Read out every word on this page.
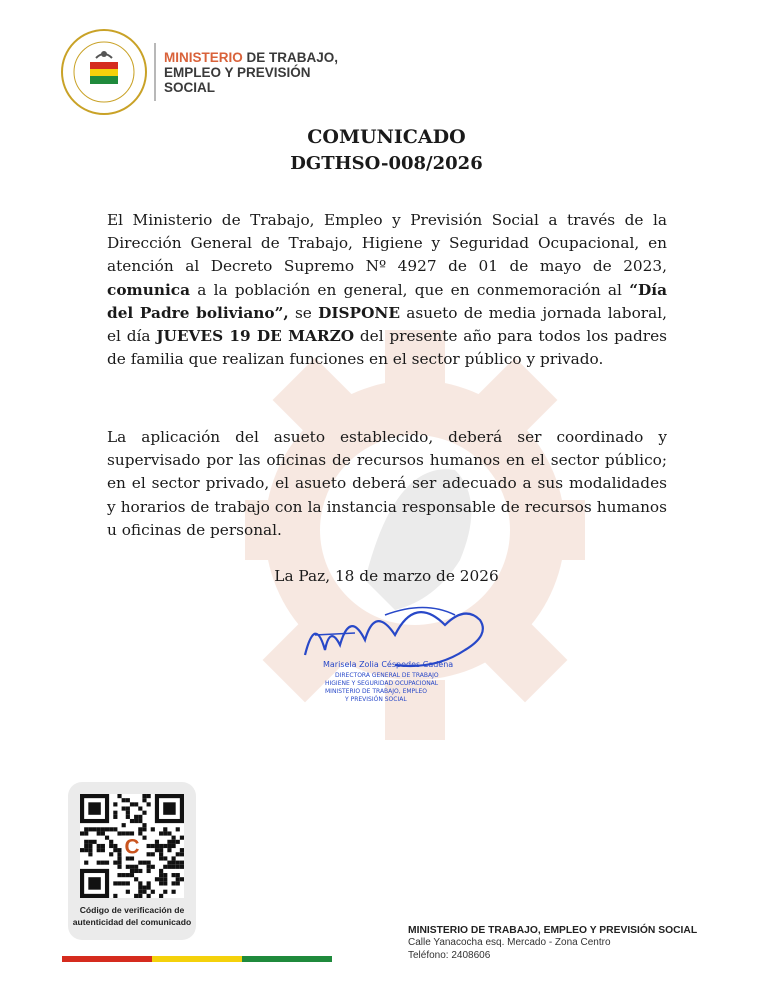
MINISTERIO DE TRABAJO,
EMPLEO Y PREVISIÓN
SOCIAL
COMUNICADO
DGTHSO-008/2026
El Ministerio de Trabajo, Empleo y Previsión Social a través de la Dirección General de Trabajo, Higiene y Seguridad Ocupacional, en atención al Decreto Supremo Nº 4927 de 01 de mayo de 2023, comunica a la población en general, que en conmemoración al “Día del Padre boliviano”, se DISPONE asueto de media jornada laboral, el día JUEVES 19 DE MARZO del presente año para todos los padres de familia que realizan funciones en el sector público y privado.
La aplicación del asueto establecido, deberá ser coordinado y supervisado por las oficinas de recursos humanos en el sector público; en el sector privado, el asueto deberá ser adecuado a sus modalidades y horarios de trabajo con la instancia responsable de recursos humanos u oficinas de personal.
La Paz, 18 de marzo de 2026
Marisela Zolia Céspedes Cadena
DIRECTORA GENERAL DE TRABAJO
HIGIENE Y SEGURIDAD OCUPACIONAL
MINISTERIO DE TRABAJO, EMPLEO
Y PREVISIÓN SOCIAL
C
Código de verificación de
autenticidad del comunicado
MINISTERIO DE TRABAJO, EMPLEO Y PREVISIÓN SOCIAL
Calle Yanacocha esq. Mercado - Zona Centro
Teléfono: 2408606
